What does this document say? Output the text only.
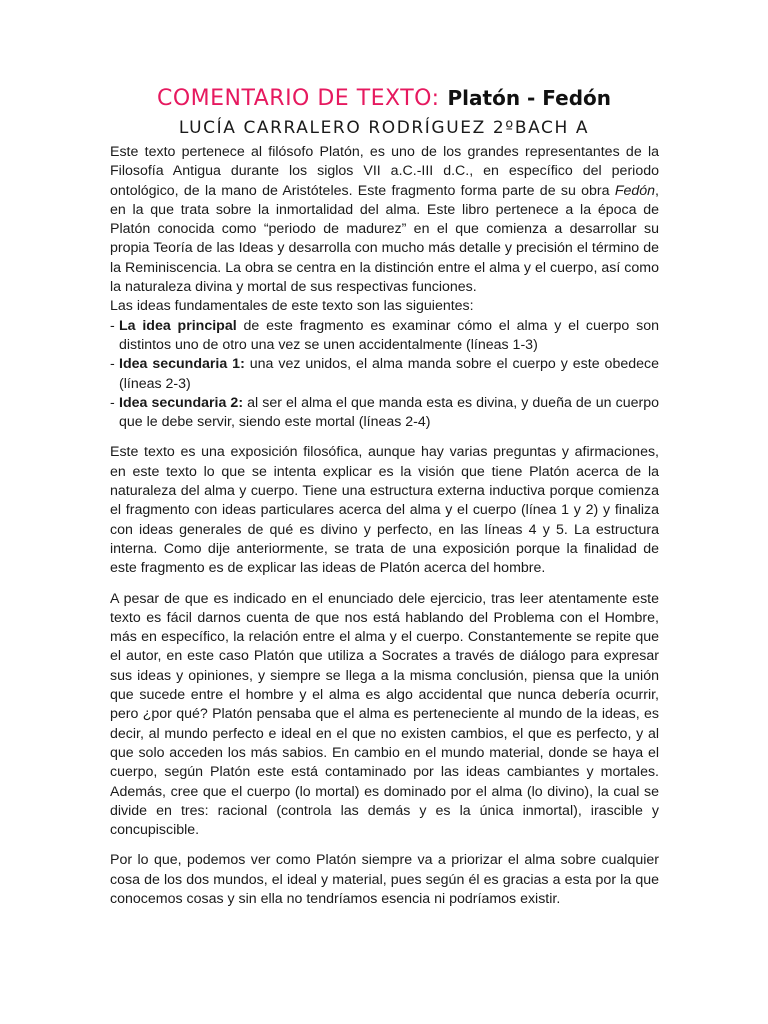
COMENTARIO DE TEXTO: Platón - Fedón
LUCÍA CARRALERO RODRÍGUEZ 2ºBACH A

Este texto pertenece al filósofo Platón, es uno de los grandes representantes de la Filosofía Antigua durante los siglos VII a.C.-III d.C., en específico del periodo ontológico, de la mano de Aristóteles. Este fragmento forma parte de su obra Fedón, en la que trata sobre la inmortalidad del alma. Este libro pertenece a la época de Platón conocida como “periodo de madurez” en el que comienza a desarrollar su propia Teoría de las Ideas y desarrolla con mucho más detalle y precisión el término de la Reminiscencia. La obra se centra en la distinción entre el alma y el cuerpo, así como la naturaleza divina y mortal de sus respectivas funciones.

Las ideas fundamentales de este texto son las siguientes:

- La idea principal de este fragmento es examinar cómo el alma y el cuerpo son distintos uno de otro una vez se unen accidentalmente (líneas 1-3)
- Idea secundaria 1: una vez unidos, el alma manda sobre el cuerpo y este obedece (líneas 2-3)
- Idea secundaria 2: al ser el alma el que manda esta es divina, y dueña de un cuerpo que le debe servir, siendo este mortal (líneas 2-4)

Este texto es una exposición filosófica, aunque hay varias preguntas y afirmaciones, en este texto lo que se intenta explicar es la visión que tiene Platón acerca de la naturaleza del alma y cuerpo. Tiene una estructura externa inductiva porque comienza el fragmento con ideas particulares acerca del alma y el cuerpo (línea 1 y 2) y finaliza con ideas generales de qué es divino y perfecto, en las líneas 4 y 5. La estructura interna. Como dije anteriormente, se trata de una exposición porque la finalidad de este fragmento es de explicar las ideas de Platón acerca del hombre.

A pesar de que es indicado en el enunciado dele ejercicio, tras leer atentamente este texto es fácil darnos cuenta de que nos está hablando del Problema con el Hombre, más en específico, la relación entre el alma y el cuerpo. Constantemente se repite que el autor, en este caso Platón que utiliza a Socrates a través de diálogo para expresar sus ideas y opiniones, y siempre se llega a la misma conclusión, piensa que la unión que sucede entre el hombre y el alma es algo accidental que nunca debería ocurrir, pero ¿por qué? Platón pensaba que el alma es perteneciente al mundo de la ideas, es decir, al mundo perfecto e ideal en el que no existen cambios, el que es perfecto, y al que solo acceden los más sabios. En cambio en el mundo material, donde se haya el cuerpo, según Platón este está contaminado por las ideas cambiantes y mortales. Además, cree que el cuerpo (lo mortal) es dominado por el alma (lo divino), la cual se divide en tres: racional (controla las demás y es la única inmortal), irascible y concupiscible.

Por lo que, podemos ver como Platón siempre va a priorizar el alma sobre cualquier cosa de los dos mundos, el ideal y material, pues según él es gracias a esta por la que conocemos cosas y sin ella no tendríamos esencia ni podríamos existir.
